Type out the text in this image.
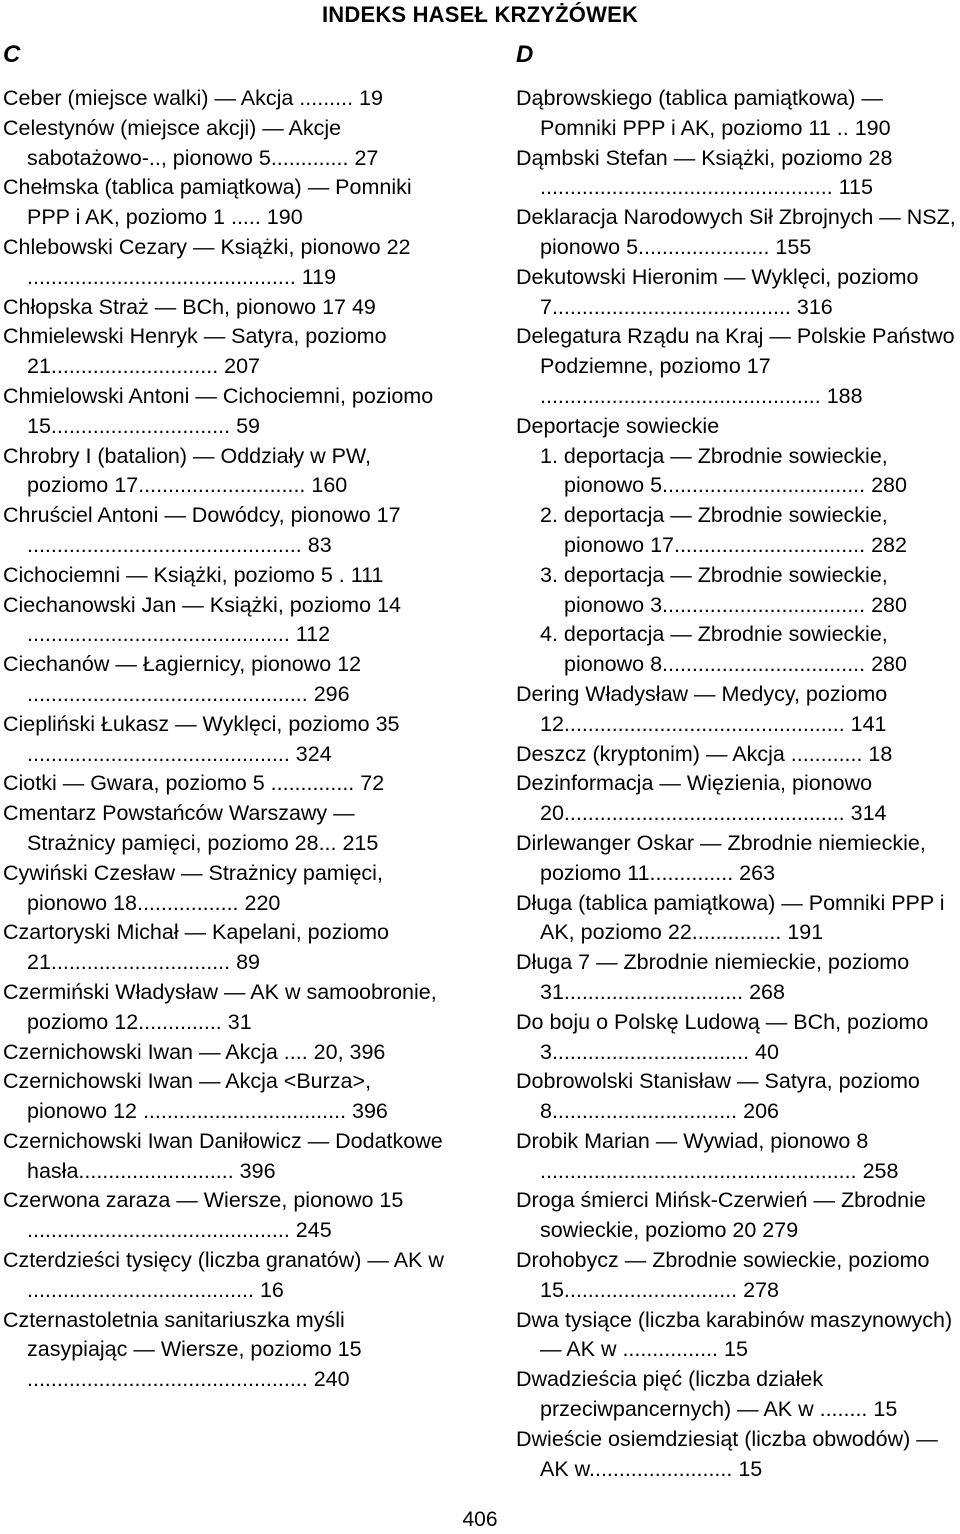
INDEKS HASEŁ KRZYŻÓWEK
C
Ceber (miejsce walki) — Akcja ......... 19
Celestynów (miejsce akcji) — Akcje sabotażowo-.., pionowo 5............. 27
Chełmska (tablica pamiątkowa) — Pomniki PPP i AK, poziomo 1 ..... 190
Chlebowski Cezary — Książki, pionowo 22 ............................................. 119
Chłopska Straż — BCh, pionowo 17 49
Chmielewski Henryk — Satyra, poziomo 21............................ 207
Chmielowski Antoni — Cichociemni, poziomo 15.............................. 59
Chrobry I (batalion) — Oddziały w PW, poziomo 17............................ 160
Chruściel Antoni — Dowódcy, pionowo 17 .............................................. 83
Cichociemni — Książki, poziomo 5 . 111
Ciechanowski Jan — Książki, poziomo 14 ............................................ 112
Ciechanów — Łagiernicy, pionowo 12 ............................................... 296
Ciepliński Łukasz — Wyklęci, poziomo 35 ............................................ 324
Ciotki — Gwara, poziomo 5 .............. 72
Cmentarz Powstańców Warszawy — Strażnicy pamięci, poziomo 28... 215
Cywiński Czesław — Strażnicy pamięci, pionowo 18................. 220
Czartoryski Michał — Kapelani, poziomo 21.............................. 89
Czermiński Władysław — AK w samoobronie, poziomo 12.............. 31
Czernichowski Iwan — Akcja .... 20, 396
Czernichowski Iwan — Akcja <Burza>, pionowo 12 .................................. 396
Czernichowski Iwan Daniłowicz — Dodatkowe hasła.......................... 396
Czerwona zaraza — Wiersze, pionowo 15 ............................................ 245
Czterdzieści tysięcy (liczba granatów) — AK w ...................................... 16
Czternastoletnia sanitariuszka myśli zasypiając — Wiersze, poziomo 15 ............................................... 240
D
Dąbrowskiego (tablica pamiątkowa) — Pomniki PPP i AK, poziomo 11 .. 190
Dąmbski Stefan — Książki, poziomo 28 ................................................. 115
Deklaracja Narodowych Sił Zbrojnych — NSZ, pionowo 5...................... 155
Dekutowski Hieronim — Wyklęci, poziomo 7........................................ 316
Delegatura Rządu na Kraj — Polskie Państwo Podziemne, poziomo 17 ............................................... 188
Deportacje sowieckie
1. deportacja — Zbrodnie sowieckie, pionowo 5.................................. 280
2. deportacja — Zbrodnie sowieckie, pionowo 17................................ 282
3. deportacja — Zbrodnie sowieckie, pionowo 3.................................. 280
4. deportacja — Zbrodnie sowieckie, pionowo 8.................................. 280
Dering Władysław — Medycy, poziomo 12............................................... 141
Deszcz (kryptonim) — Akcja ............ 18
Dezinformacja — Więzienia, pionowo 20............................................... 314
Dirlewanger Oskar — Zbrodnie niemieckie, poziomo 11.............. 263
Długa (tablica pamiątkowa) — Pomniki PPP i AK, poziomo 22............... 191
Długa 7 — Zbrodnie niemieckie, poziomo 31.............................. 268
Do boju o Polskę Ludową — BCh, poziomo 3................................. 40
Dobrowolski Stanisław — Satyra, poziomo 8............................... 206
Drobik Marian — Wywiad, pionowo 8 ..................................................... 258
Droga śmierci Mińsk-Czerwień — Zbrodnie sowieckie, poziomo 20 279
Drohobycz — Zbrodnie sowieckie, poziomo 15............................. 278
Dwa tysiące (liczba karabinów maszynowych) — AK w ................ 15
Dwadzieścia pięć (liczba działek przeciwpancernych) — AK w ........ 15
Dwieście osiemdziesiąt (liczba obwodów) — AK w........................ 15
406
